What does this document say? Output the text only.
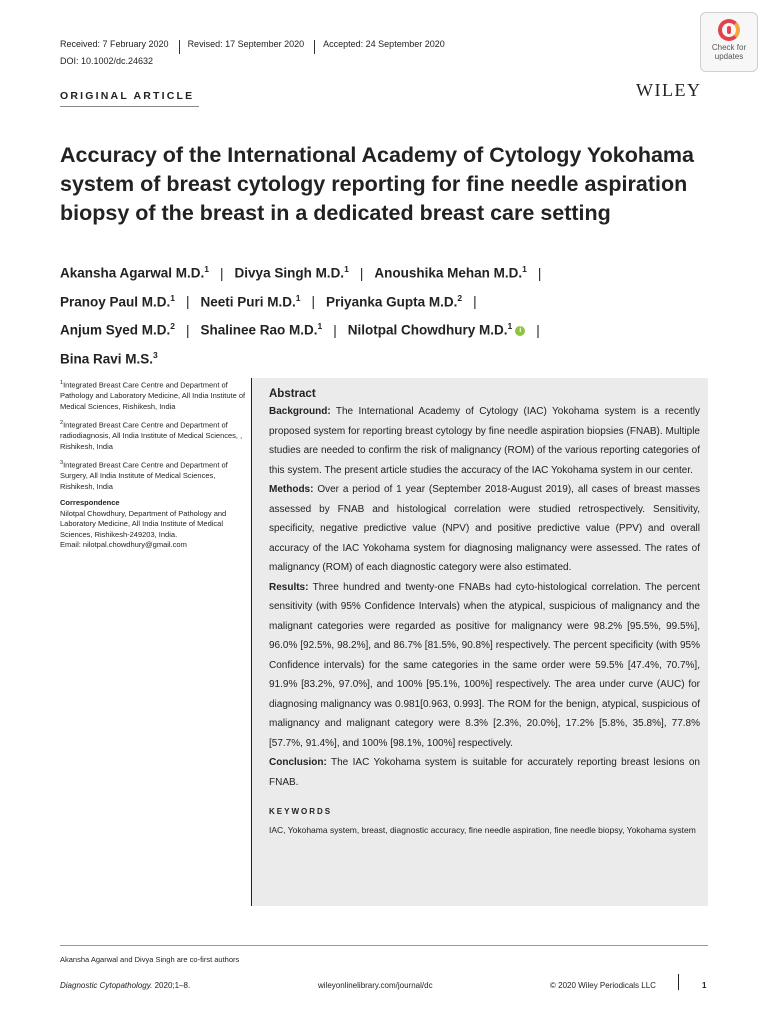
Received: 7 February 2020 Revised: 17 September 2020 Accepted: 24 September 2020
DOI: 10.1002/dc.24632
Check for
updates
ORIGINAL ARTICLE	WILEY
Accuracy of the International Academy of Cytology Yokohama system of breast cytology reporting for fine needle aspiration biopsy of the breast in a dedicated breast care setting
Akansha Agarwal M.D.$^1$ | Divya Singh M.D.$^1$ | Anoushika Mehan M.D.$^1$ |
Pranoy Paul M.D.$^1$ | Neeti Puri M.D.$^1$ | Priyanka Gupta M.D.$^2$ |
Anjum Syed M.D.$^2$ | Shalinee Rao M.D.$^1$ | Nilotpal Chowdhury M.D.$^1$ i |
Bina Ravi M.S.$^3$

$^1$Integrated Breast Care Centre and Department of Pathology and Laboratory Medicine, All India Institute of Medical Sciences, Rishikesh, India

$^2$Integrated Breast Care Centre and Department of radiodiagnosis, All India Institute of Medical Sciences, , Rishikesh, India

$^3$Integrated Breast Care Centre and Department of Surgery, All India Institute of Medical Sciences, Rishikesh, India

Correspondence
Nilotpal Chowdhury, Department of Pathology and Laboratory Medicine, All India Institute of Medical Sciences, Rishikesh-249203, India.
Email: nilotpal.chowdhury@gmail.com
Abstract

Background: The International Academy of Cytology (IAC) Yokohama system is a recently proposed system for reporting breast cytology by fine needle aspiration biopsies (FNAB). Multiple studies are needed to confirm the risk of malignancy (ROM) of the various reporting categories of this system. The present article studies the accuracy of the IAC Yokohama system in our center.

Methods: Over a period of 1 year (September 2018-August 2019), all cases of breast masses assessed by FNAB and histological correlation were studied retrospectively. Sensitivity, specificity, negative predictive value (NPV) and positive predictive value (PPV) and overall accuracy of the IAC Yokohama system for diagnosing malignancy were assessed. The rates of malignancy (ROM) of each diagnostic category were also estimated.

Results: Three hundred and twenty-one FNABs had cyto-histological correlation. The percent sensitivity (with 95% Confidence Intervals) when the atypical, suspicious of malignancy and the malignant categories were regarded as positive for malignancy were 98.2% [95.5%, 99.5%], 96.0% [92.5%, 98.2%], and 86.7% [81.5%, 90.8%] respectively. The percent specificity (with 95% Confidence intervals) for the same categories in the same order were 59.5% [47.4%, 70.7%], 91.9% [83.2%, 97.0%], and 100% [95.1%, 100%] respectively. The area under curve (AUC) for diagnosing malignancy was 0.981[0.963, 0.993]. The ROM for the benign, atypical, suspicious of malignancy and malignant category were 8.3% [2.3%, 20.0%], 17.2% [5.8%, 35.8%], 77.8% [57.7%, 91.4%], and 100% [98.1%, 100%] respectively.

Conclusion: The IAC Yokohama system is suitable for accurately reporting breast lesions on FNAB.

KEYWORDS
IAC, Yokohama system, breast, diagnostic accuracy, fine needle aspiration, fine needle biopsy, Yokohama system
Akansha Agarwal and Divya Singh are co-first authors
Diagnostic Cytopathology. 2020;1–8.	wileyonlinelibrary.com/journal/dc	© 2020 Wiley Periodicals LLC	1
